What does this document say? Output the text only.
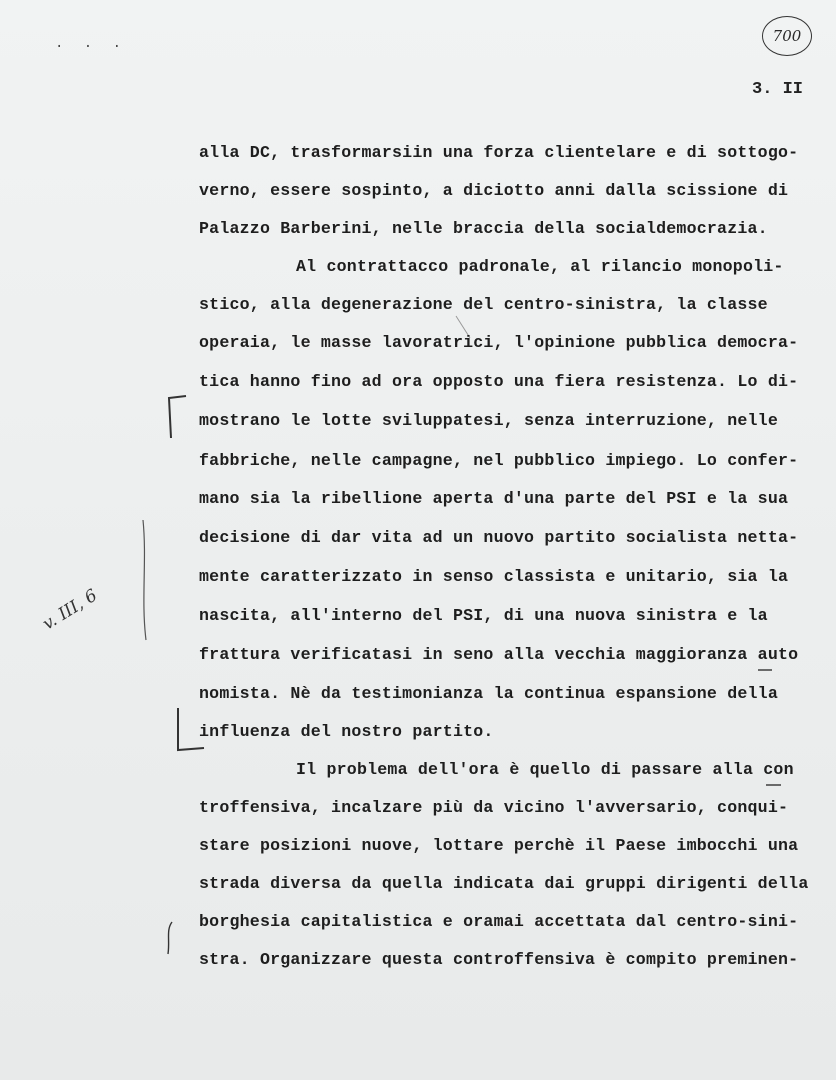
. . .	700
3. II
v. III, 6
alla DC, trasformarsiin una forza clientelare e di sottogo-
verno, essere sospinto, a diciotto anni dalla scissione di
Palazzo Barberini, nelle braccia della socialdemocrazia.
Al contrattacco padronale, al rilancio monopoli-
stico, alla degenerazione del centro-sinistra, la classe
operaia, le masse lavoratrici, l'opinione pubblica democra-
tica hanno fino ad ora opposto una fiera resistenza. Lo di-
mostrano le lotte sviluppatesi, senza interruzione, nelle
fabbriche, nelle campagne, nel pubblico impiego. Lo confer-
mano sia la ribellione aperta d'una parte del PSI e la sua
decisione di dar vita ad un nuovo partito socialista netta-
mente caratterizzato in senso classista e unitario, sia la
nascita, all'interno del PSI, di una nuova sinistra e la
frattura verificatasi in seno alla vecchia maggioranza auto
nomista. Nè da testimonianza la continua espansione della
influenza del nostro partito.
Il problema dell'ora è quello di passare alla con
troffensiva, incalzare più da vicino l'avversario, conqui-
stare posizioni nuove, lottare perchè il Paese imbocchi una
strada diversa da quella indicata dai gruppi dirigenti della
borghesia capitalistica e oramai accettata dal centro-sini-
stra. Organizzare questa controffensiva è compito preminen-
